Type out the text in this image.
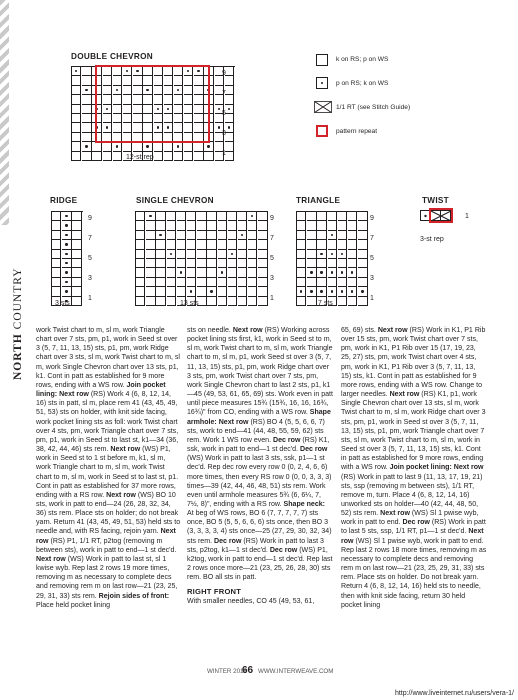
NORTH COUNTRY
DOUBLE CHEVRON
RIDGE	SINGLE CHEVRON	TRIANGLE	TWIST
9
7
5
3
1
12-st rep
9
7
5
3
1
3 sts
9
7
5
3
1
13 sts
9
7
5
3
1
7 sts
1
3-st rep
k on RS; p on WS
p on RS; k on WS
1/1 RT (see Stitch Guide)
pattern repeat
work Twist chart to m, sl m, work Triangle chart over 7 sts, pm, p1, work in Seed st over 3 (5, 7, 11, 13, 15) sts, p1, pm, work Ridge chart over 3 sts, sl m, work Twist chart to m, sl m, work Single Chevron chart over 13 sts, p1, k1. Cont in patt as established for 9 more rows, ending with a WS row. Join pocket lining: Next row (RS) Work 4 (6, 8, 12, 14, 16) sts in patt, sl m, place rem 41 (43, 45, 49, 51, 53) sts on holder, with knit side facing, work pocket lining sts as foll: work Twist chart over 4 sts, pm, work Triangle chart over 7 sts, pm, p1, work in Seed st to last st, k1—34 (36, 38, 42, 44, 46) sts rem. Next row (WS) P1, work in Seed st to 1 st before m, k1, sl m, work Triangle chart to m, sl m, work Twist chart to m, sl m, work in Seed st to last st, p1. Cont in patt as established for 37 more rows, ending with a RS row. Next row (WS) BO 10 sts, work in patt to end—24 (26, 28, 32, 34, 36) sts rem. Place sts on holder; do not break yarn. Return 41 (43, 45, 49, 51, 53) held sts to needle and, with RS facing, rejoin yarn. Next row (RS) P1, 1/1 RT, p2tog (removing m between sts), work in patt to end—1 st dec'd. Next row (WS) Work in patt to last st, sl 1 kwise wyb. Rep last 2 rows 19 more times, removing m as necessary to complete decs and removing rem m on last row—21 (23, 25, 29, 31, 33) sts rem. Rejoin sides of front: Place held pocket lining
sts on needle. Next row (RS) Working across pocket lining sts first, k1, work in Seed st to m, sl m, work Twist chart to m, sl m, work Triangle chart to m, sl m, p1, work Seed st over 3 (5, 7, 11, 13, 15) sts, p1, pm, work Ridge chart over 3 sts, pm, work Twist chart over 7 sts, pm, work Single Chevron chart to last 2 sts, p1, k1—45 (49, 53, 61, 65, 69) sts. Work even in patt until piece measures 15¾ (15¾, 16, 16, 16¾, 16¾)" from CO, ending with a WS row. Shape armhole: Next row (RS) BO 4 (5, 5, 6, 6, 7) sts, work to end—41 (44, 48, 55, 59, 62) sts rem. Work 1 WS row even. Dec row (RS) K1, ssk, work in patt to end—1 st dec'd. Dec row (WS) Work in patt to last 3 sts, ssk, p1—1 st dec'd. Rep dec row every row 0 (0, 2, 4, 6, 6) more times, then every RS row 0 (0, 0, 3, 3, 3) times—39 (42, 44, 46, 48, 51) sts rem. Work even until armhole measures 5¾ (6, 6¼, 7, 7½, 8)", ending with a RS row. Shape neck: At beg of WS rows, BO 6 (7, 7, 7, 7, 7) sts once, BO 5 (5, 5, 6, 6, 6) sts once, then BO 3 (3, 3, 3, 3, 4) sts once—25 (27, 29, 30, 32, 34) sts rem. Dec row (RS) Work in patt to last 3 sts, p2tog, k1—1 st dec'd. Dec row (WS) P1, k2tog, work in patt to end—1 st dec'd. Rep last 2 rows once more—21 (23, 25, 26, 28, 30) sts rem. BO all sts in patt.
RIGHT FRONT
With smaller needles, CO 45 (49, 53, 61,
65, 69) sts. Next row (RS) Work in K1, P1 Rib over 15 sts, pm, work Twist chart over 7 sts, pm, work in K1, P1 Rib over 15 (17, 19, 23, 25, 27) sts, pm, work Twist chart over 4 sts, pm, work in K1, P1 Rib over 3 (5, 7, 11, 13, 15) sts, k1. Cont in patt as established for 9 more rows, ending with a WS row. Change to larger needles. Next row (RS) K1, p1, work Single Chevron chart over 13 sts, sl m, work Twist chart to m, sl m, work Ridge chart over 3 sts, pm, p1, work in Seed st over 3 (5, 7, 11, 13, 15) sts, p1, pm, work Triangle chart over 7 sts, sl m, work Twist chart to m, sl m, work in Seed st over 3 (5, 7, 11, 13, 15) sts, k1. Cont in patt as established for 9 more rows, ending with a WS row. Join pocket lining: Next row (RS) Work in patt to last 9 (11, 13, 17, 19, 21) sts, ssp (removing m between sts), 1/1 RT, remove m, turn. Place 4 (6, 8, 12, 14, 16) unworked sts on holder—40 (42, 44, 48, 50, 52) sts rem. Next row (WS) Sl 1 pwise wyb, work in patt to end. Dec row (RS) Work in patt to last 5 sts, ssp, 1/1 RT, p1—1 st dec'd. Next row (WS) Sl 1 pwise wyb, work in patt to end. Rep last 2 rows 18 more times, removing m as necessary to complete decs and removing rem m on last row—21 (23, 25, 29, 31, 33) sts rem. Place sts on holder. Do not break yarn. Return 4 (6, 8, 12, 14, 16) held sts to needle, then with knit side facing, return 30 held pocket lining
WINTER 2016
66 WWW.INTERWEAVE.COM
http://www.liveinternet.ru/users/vera-1/
